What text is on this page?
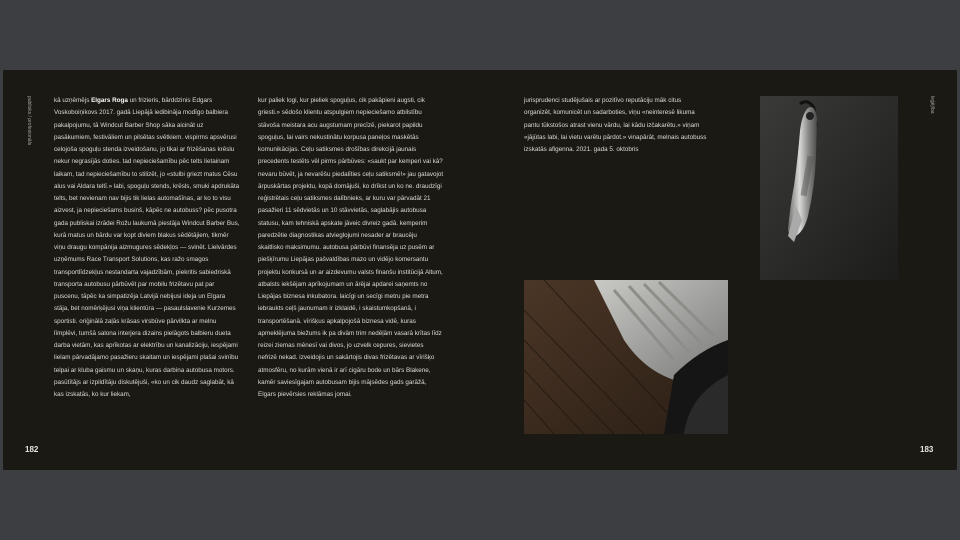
publisks / profesionāls	leģējība

kā uzņēmējs Elgars Roga un frizieris, bārddzinis Edgars Voskoboiņikovs 2017. gadā Liepājā iedibināja modīgo balbiera pakalpojumu, tā Windcut Barber Shop sāka aicināt uz pasākumiem, festivāliem un pilsētas svētkiem. vispirms apsvērusi celojoša spoguļu stenda izveidošanu, jo tikai ar frizēšanas krēslu nekur negrasījās doties. tad nepieciešamību pēc telts lietainam laikam, tad nepieciešamību to stilizēt, jo «stulbi griezt matus Cēsu alus vai Aldara teltī.» labi, spoguļu stends, krēsls, smuki apdrukāta telts, bet nevienam nav bijis tik lielas automašīnas, ar ko to visu aizvest, ja nepieciešams businš, kāpēc ne autobuss? pēc pusotra gada publiskai izrādei Rožu laukumā piestāja Windcut Barber Bus, kurā matus un bārdu var kopt diviem blakus sēdētājiem, tikmēr viņu draugu kompānija aizmugures sēdekļos — svinēt. Lielvārdes uzņēmums Race Transport Solutions, kas ražo smagos transportlīdzekļus nestandarta vajadzībām, piekritis sabiedriskā transporta autobusu pārbūvēt par mobilu frizētavu pat par puscenu, tāpēc ka simpatizēja Latvijā nebijusi ideja un Elgara stāja, bet nomērķējusi viņa klientūra — pasaulslavenie Kurzemes sportisti. oriģinālā zaļās krāsas virsbūve pārvilkta ar melnu līmplēvi, tumšā salona interjera dizains pielāgots balbieru dueta darba vietām, kas aprīkotas ar elektrību un kanalizāciju, iespējami lielam pārvadājamo pasažieru skaitam un iespējami plašai svinību telpai ar kluba gaismu un skaņu, kuras darbina autobusa motors. pasūtītājs ar izpildītāju diskutējuši, «ko un cik daudz saglabāt, kā kas izskatās, ko kur liekam,

kur paliek logi, kur pieliek spoguļus, cik pakāpieni augsti, cik griesti.» sēdošo klientu atspulgiem nepieciešamo atbilstību stāvoša meistara acu augstumam precīzē, piekarot papildu spoguļus, lai vairs nekustinātu korpusa paneļos maskētās komunikācijas. Ceļu satiksmes drošības direkcijā jaunais precedents testēts vēl pirms pārbūves: «saukt par kemperi vai kā? nevaru būvēt, ja nevarēšu piedalīties ceļu satiksmē!» jau gatavojot ārpuskārtas projektu, kopā domājuši, ko drīkst un ko ne. draudzīgi reģistrētais ceļu satiksmes dalībnieks, ar kuru var pārvadāt 21 pasažieri 11 sēdvietās un 10 stāvvietās, saglabājis autobusa statusu, kam tehniskā apskate jāveic divreiz gadā. kemperim paredzētie diagnostikas atvieglojumi nesader ar braucēju skaitlisko maksimumu. autobusa pārbūvi finansēja uz pusēm ar piešķīrumu Liepājas pašvaldības mazo un vidējo komersantu projektu konkursā un ar aizdevumu valsts finanšu institūcijā Altum, atbalsts iekšējam aprīkojumam un ārējai apdarei saņemts no Liepājas biznesa inkubatora. laicīgi un secīgi metru pie metra iebraukts ceļš jaunumam ir izklaidē, i skaistumkopšanā, i transportēšanā. vīrišķus apkalpojošā biznesa vidē, kuras apmeklējuma biežums ik pa divām trim nedēļām vasarā krītas līdz reizei ziemas mēnesī vai divos, jo uzvelk cepures, sievietes nefrizē nekad. izveidojis un sakārtojis divas frizētavas ar vīrišķo atmosfēru, no kurām vienā ir arī cigāru bode un bārs Blakene, kamēr saviesīgajam autobusam bijis mājsēdes gads garāžā, Elgars pievērsies reklāmas jomai.

jurisprudenci studējušais ar pozitīvo reputāciju māk citus organizēt, komunicēt un sadarboties, viņu «neinteresē likuma pantu tūkstošos atrast vienu vārdu, lai kādu izčakarētu.» viņam «jājūtas labi, lai vietu varētu pārdot.» vinapārāt, melnais autobuss izskatās afigenna. 2021. gada 5. oktobris

182	183
